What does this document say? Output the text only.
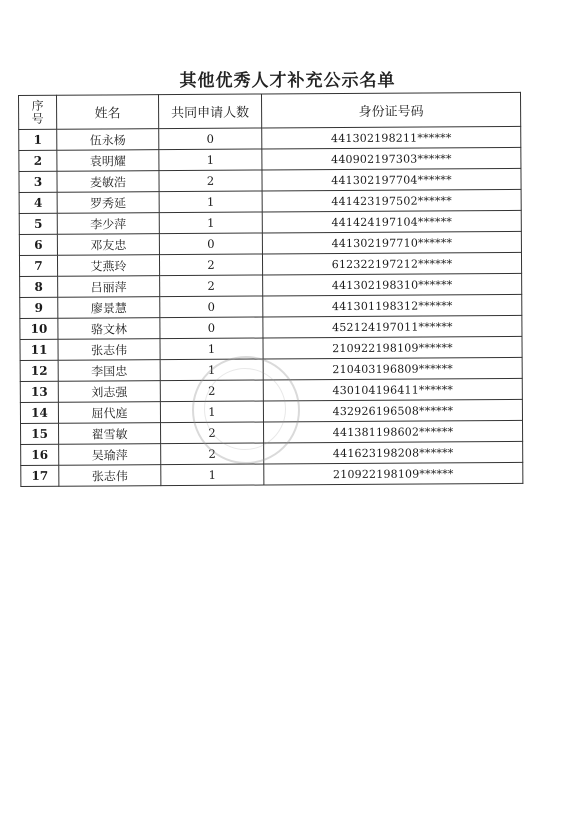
其他优秀人才补充公示名单
序
号	姓名	共同申请人数	身份证号码
1	伍永杨	0	441302198211******
2	袁明耀	1	440902197303******
3	麦敏浩	2	441302197704******
4	罗秀延	1	441423197502******
5	李少萍	1	441424197104******
6	邓友忠	0	441302197710******
7	艾燕玲	2	612322197212******
8	吕丽萍	2	441302198310******
9	廖景慧	0	441301198312******
10	骆文林	0	452124197011******
11	张志伟	1	210922198109******
12	李国忠	1	210403196809******
13	刘志强	2	430104196411******
14	屈代庭	1	432926196508******
15	翟雪敏	2	441381198602******
16	吴瑜萍	2	441623198208******
17	张志伟	1	210922198109******
